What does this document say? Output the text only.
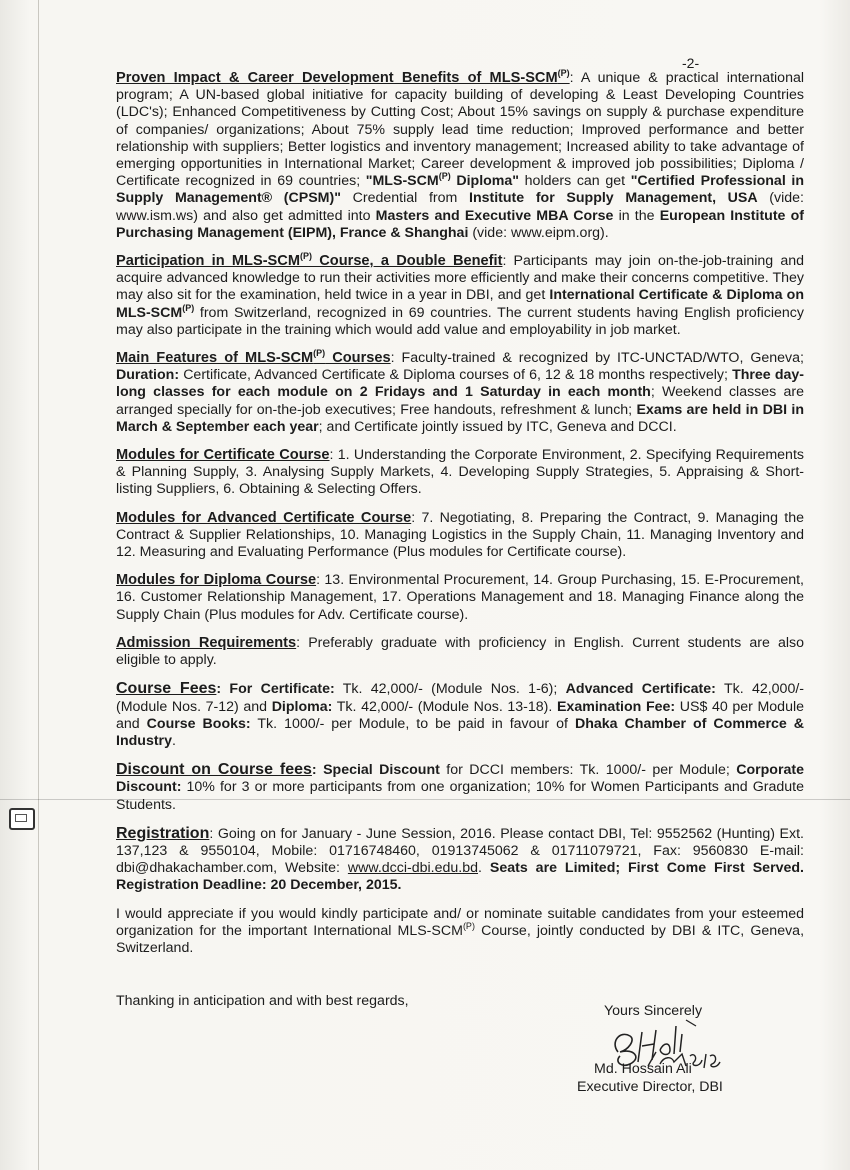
-2-

Proven Impact & Career Development Benefits of MLS-$SCM^{(P)}$: A unique & practical international program; A UN-based global initiative for capacity building of developing & Least Developing Countries (LDC's); Enhanced Competitiveness by Cutting Cost; About 15% savings on supply & purchase expenditure of companies/ organizations; About 75% supply lead time reduction; Improved performance and better relationship with suppliers; Better logistics and inventory management; Increased ability to take advantage of emerging opportunities in International Market; Career development & improved job possibilities; Diploma / Certificate recognized in 69 countries; "$MLS-SCM^{(P)}$ Diploma" holders can get "Certified Professional in Supply Management® (CPSM)" Credential from Institute for Supply Management, USA (vide: www.ism.ws) and also get admitted into Masters and Executive MBA Corse in the European Institute of Purchasing Management (EIPM), France & Shanghai (vide: www.eipm.org).

Participation in MLS-$SCM^{(P)}$ Course, a Double Benefit: Participants may join on-the-job-training and acquire advanced knowledge to run their activities more efficiently and make their concerns competitive. They may also sit for the examination, held twice in a year in DBI, and get International Certificate & Diploma on MLS-$SCM^{(P)}$ from Switzerland, recognized in 69 countries. The current students having English proficiency may also participate in the training which would add value and employability in job market.

Main Features of MLS-$SCM^{(P)}$ Courses: Faculty-trained & recognized by ITC-UNCTAD/WTO, Geneva; Duration: Certificate, Advanced Certificate & Diploma courses of 6, 12 & 18 months respectively; Three day-long classes for each module on 2 Fridays and 1 Saturday in each month; Weekend classes are arranged specially for on-the-job executives; Free handouts, refreshment & lunch; Exams are held in DBI in March & September each year; and Certificate jointly issued by ITC, Geneva and DCCI.

Modules for Certificate Course: 1. Understanding the Corporate Environment, 2. Specifying Requirements & Planning Supply, 3. Analysing Supply Markets, 4. Developing Supply Strategies, 5. Appraising & Short-listing Suppliers, 6. Obtaining & Selecting Offers.

Modules for Advanced Certificate Course: 7. Negotiating, 8. Preparing the Contract, 9. Managing the Contract & Supplier Relationships, 10. Managing Logistics in the Supply Chain, 11. Managing Inventory and 12. Measuring and Evaluating Performance (Plus modules for Certificate course).

Modules for Diploma Course: 13. Environmental Procurement, 14. Group Purchasing, 15. E-Procurement, 16. Customer Relationship Management, 17. Operations Management and 18. Managing Finance along the Supply Chain (Plus modules for Adv. Certificate course).

Admission Requirements: Preferably graduate with proficiency in English. Current students are also eligible to apply.

Course Fees: For Certificate: Tk. 42,000/- (Module Nos. 1-6); Advanced Certificate: Tk. 42,000/- (Module Nos. 7-12) and Diploma: Tk. 42,000/- (Module Nos. 13-18). Examination Fee: US$ 40 per Module and Course Books: Tk. 1000/- per Module, to be paid in favour of Dhaka Chamber of Commerce & Industry.

Discount on Course fees: Special Discount for DCCI members: Tk. 1000/- per Module; Corporate Discount: 10% for 3 or more participants from one organization; 10% for Women Participants and Gradute Students.

Registration: Going on for January - June Session, 2016. Please contact DBI, Tel: 9552562 (Hunting) Ext. 137,123 & 9550104, Mobile: 01716748460, 01913745062 & 01711079721, Fax: 9560830 E-mail: dbi@dhakachamber.com, Website: www.dcci-dbi.edu.bd. Seats are Limited; First Come First Served. Registration Deadline: 20 December, 2015.

I would appreciate if you would kindly participate and/ or nominate suitable candidates from your esteemed organization for the important International MLS-$SCM^{(P)}$ Course, jointly conducted by DBI & ITC, Geneva, Switzerland.

Thanking in anticipation and with best regards,
Yours Sincerely
Md. Hossain Ali
Executive Director, DBI
